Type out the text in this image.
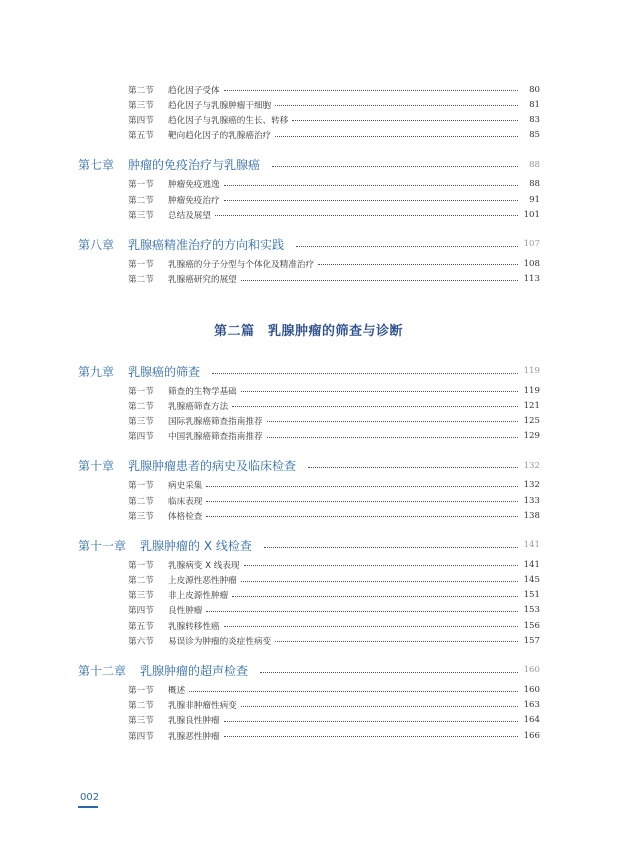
第二节	趋化因子受体	80
第三节	趋化因子与乳腺肿瘤干细胞	81
第四节	趋化因子与乳腺癌的生长、转移	83
第五节	靶向趋化因子的乳腺癌治疗	85
第七章 肿瘤的免疫治疗与乳腺癌	88
第一节	肿瘤免疫逃逸	88
第二节	肿瘤免疫治疗	91
第三节	总结及展望	101
第八章 乳腺癌精准治疗的方向和实践	107
第一节	乳腺癌的分子分型与个体化及精准治疗	108
第二节	乳腺癌研究的展望	113
第二篇　乳腺肿瘤的筛查与诊断
第九章 乳腺癌的筛查	119
第一节	筛查的生物学基础	119
第二节	乳腺癌筛查方法	121
第三节	国际乳腺癌筛查指南推荐	125
第四节	中国乳腺癌筛查指南推荐	129
第十章 乳腺肿瘤患者的病史及临床检查	132
第一节	病史采集	132
第二节	临床表现	133
第三节	体格检查	138
第十一章 乳腺肿瘤的 X 线检查	141
第一节	乳腺病变 X 线表现	141
第二节	上皮源性恶性肿瘤	145
第三节	非上皮源性肿瘤	151
第四节	良性肿瘤	153
第五节	乳腺转移性癌	156
第六节	易误诊为肿瘤的炎症性病变	157
第十二章 乳腺肿瘤的超声检查	160
第一节	概述	160
第二节	乳腺非肿瘤性病变	163
第三节	乳腺良性肿瘤	164
第四节	乳腺恶性肿瘤	166
002
